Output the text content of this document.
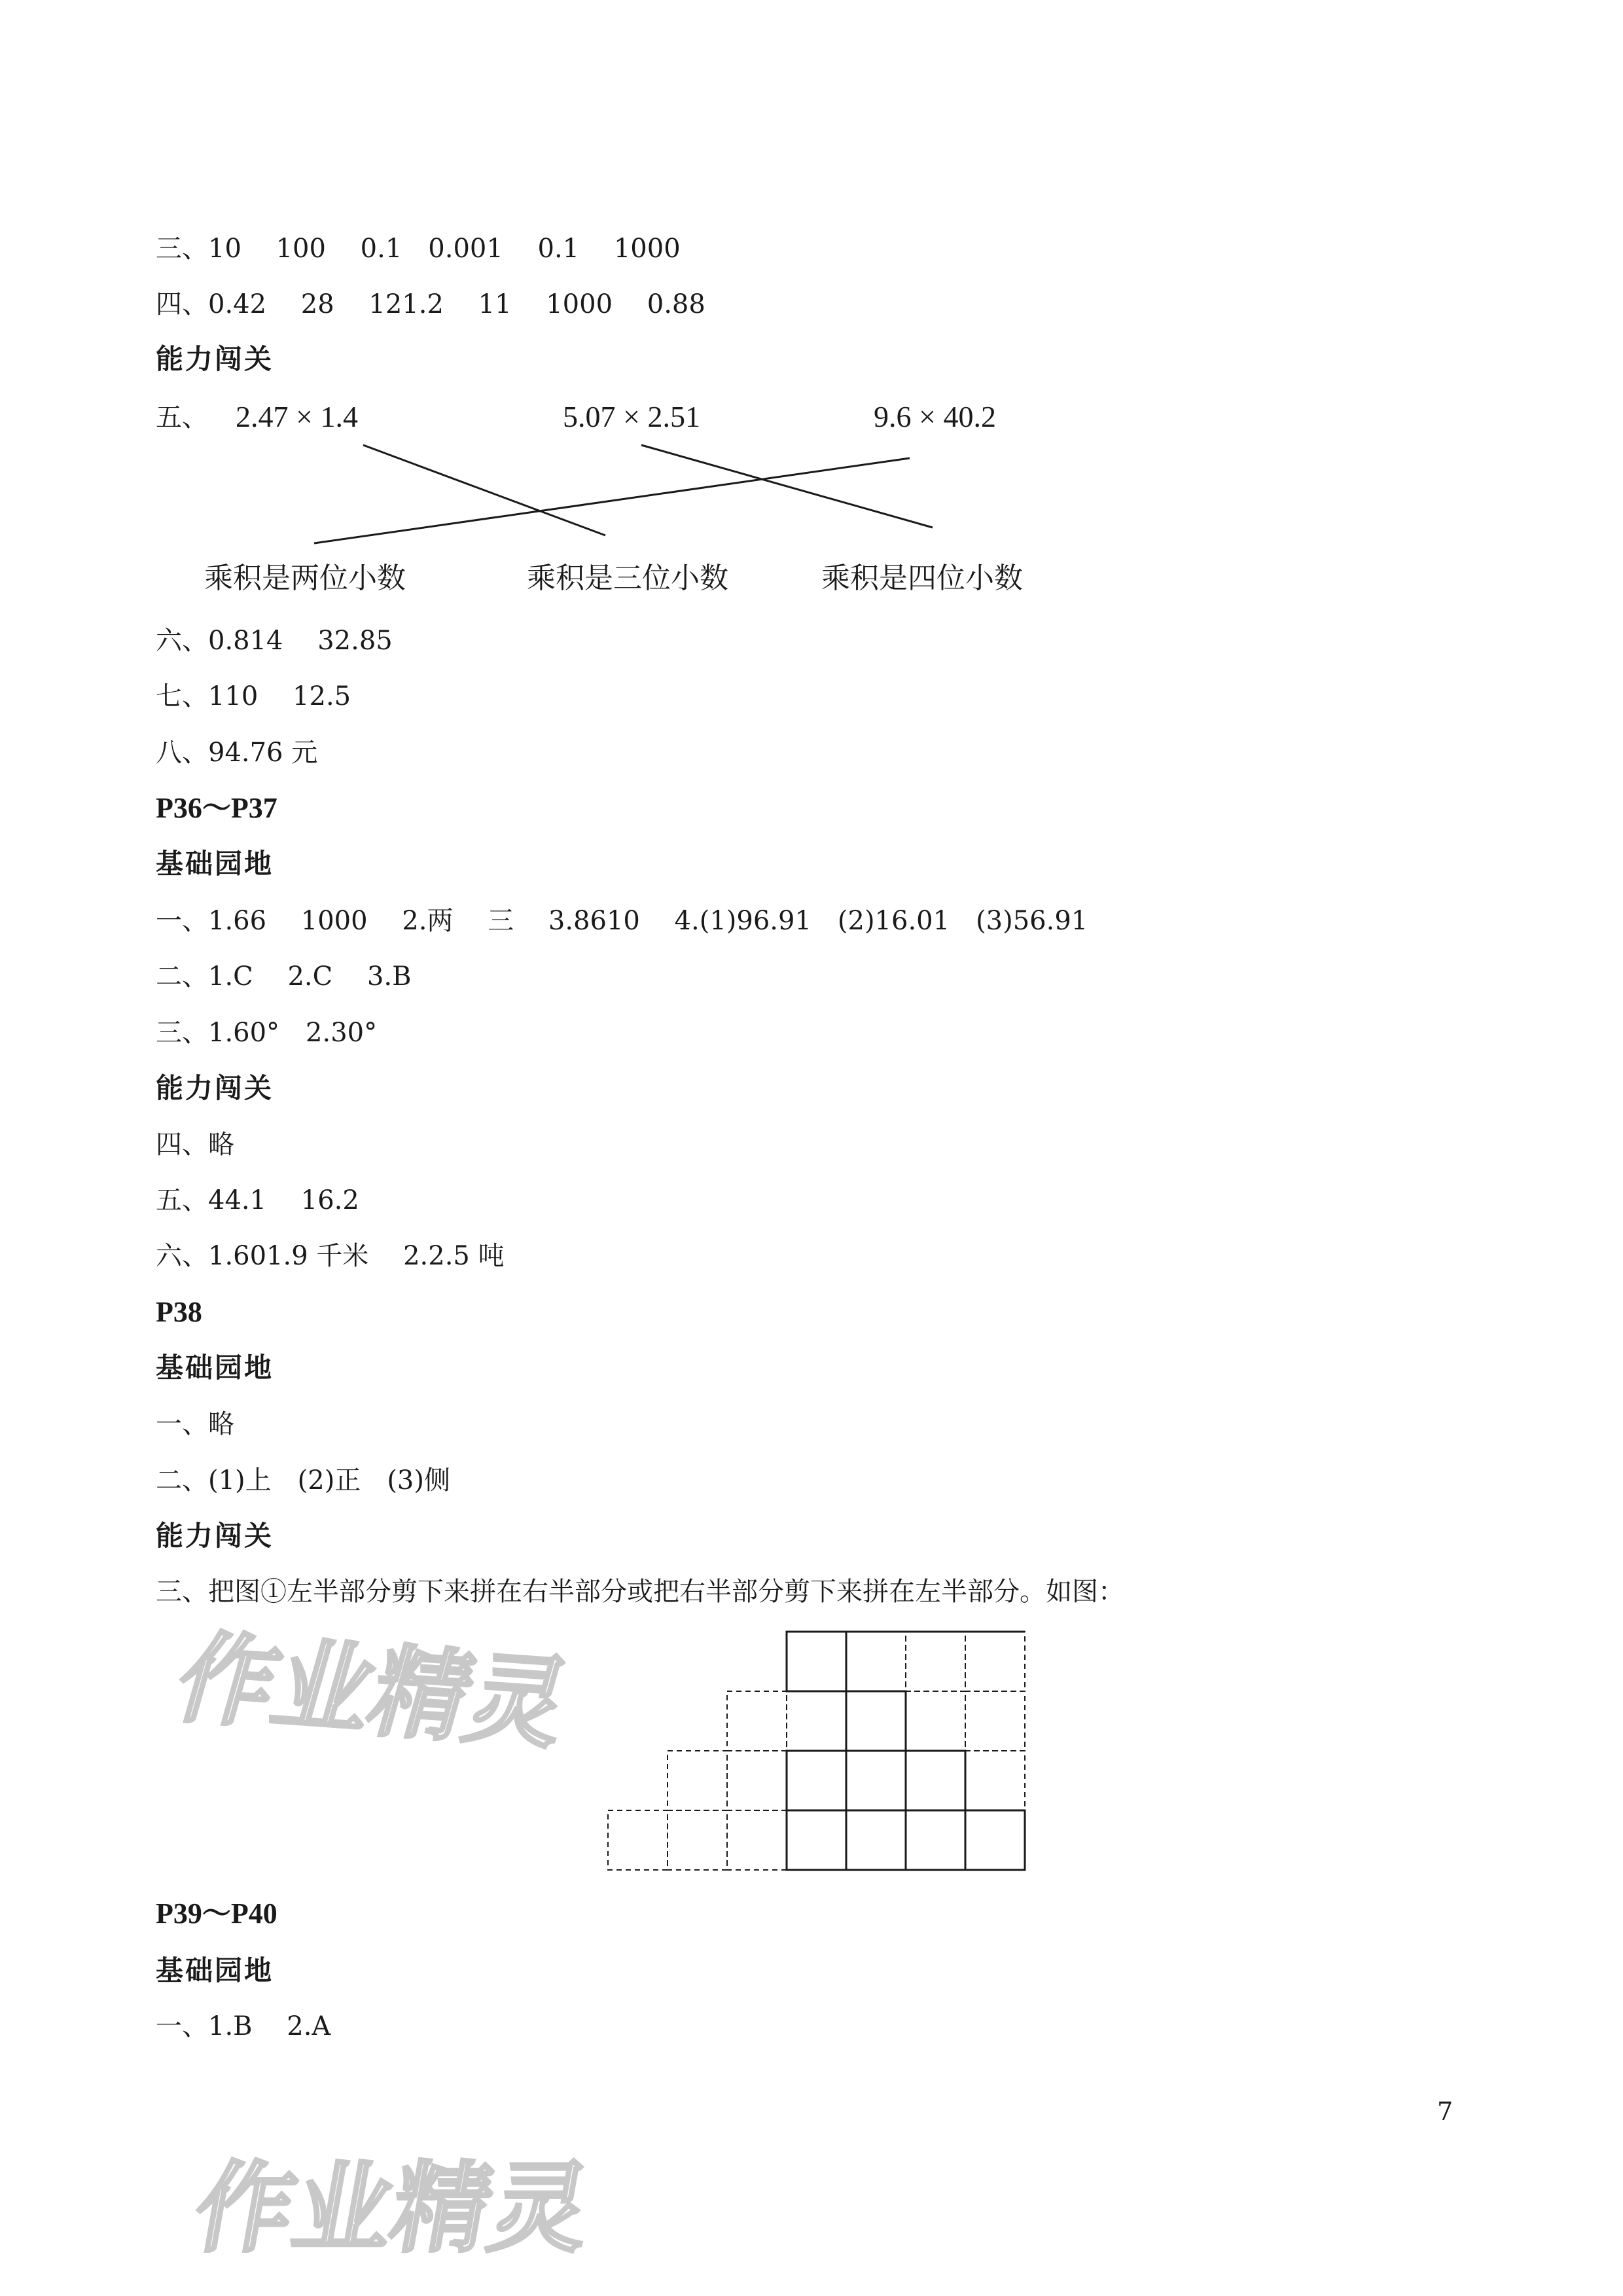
三、10　 100　 0.1　0.001　 0.1　 1000
四、0.42　 28　 121.2　 11　 1000　 0.88
能力闯关
五、 2.47 × 1.4	5.07 × 2.51	9.6 × 40.2
乘积是两位小数	乘积是三位小数	乘积是四位小数
六、0.814　 32.85
七、110　 12.5
八、94.76 元
P36～P37
基础园地
一、1.66　 1000　 2.两　 三　 3.8610　 4.(1)96.91　(2)16.01　(3)56.91
二、1.C　 2.C　 3.B
三、1.60°　2.30°
能力闯关
四、略
五、44.1　 16.2
六、1.601.9 千米　 2.2.5 吨
P38
基础园地
一、略
二、(1)上　(2)正　(3)侧
能力闯关
三、把图①左半部分剪下来拼在右半部分或把右半部分剪下来拼在左半部分。如图：
P39～P40
基础园地
一、1.B　 2.A
7
作业精灵
作业精灵
